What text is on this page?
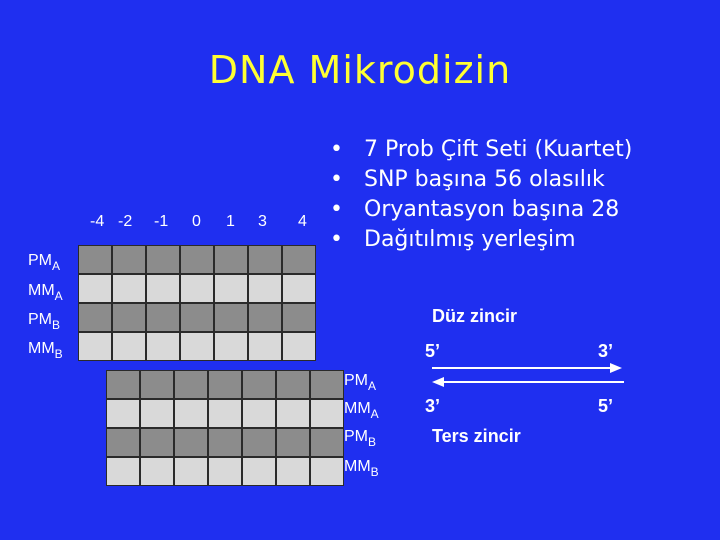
DNA Mikrodizin
• 7 Prob Çift Seti (Kuartet)
• SNP başına 56 olasılık
• Oryantasyon başına 28
• Dağıtılmış yerleşim
-4 -2 -1 0 1 3 4
$PM_A$
$MM_A$
$PM_B$
$MM_B$
$PM_A$
$MM_A$
$PM_B$
$MM_B$
Düz zincir
5’	3’
3’	5’
Ters zincir
